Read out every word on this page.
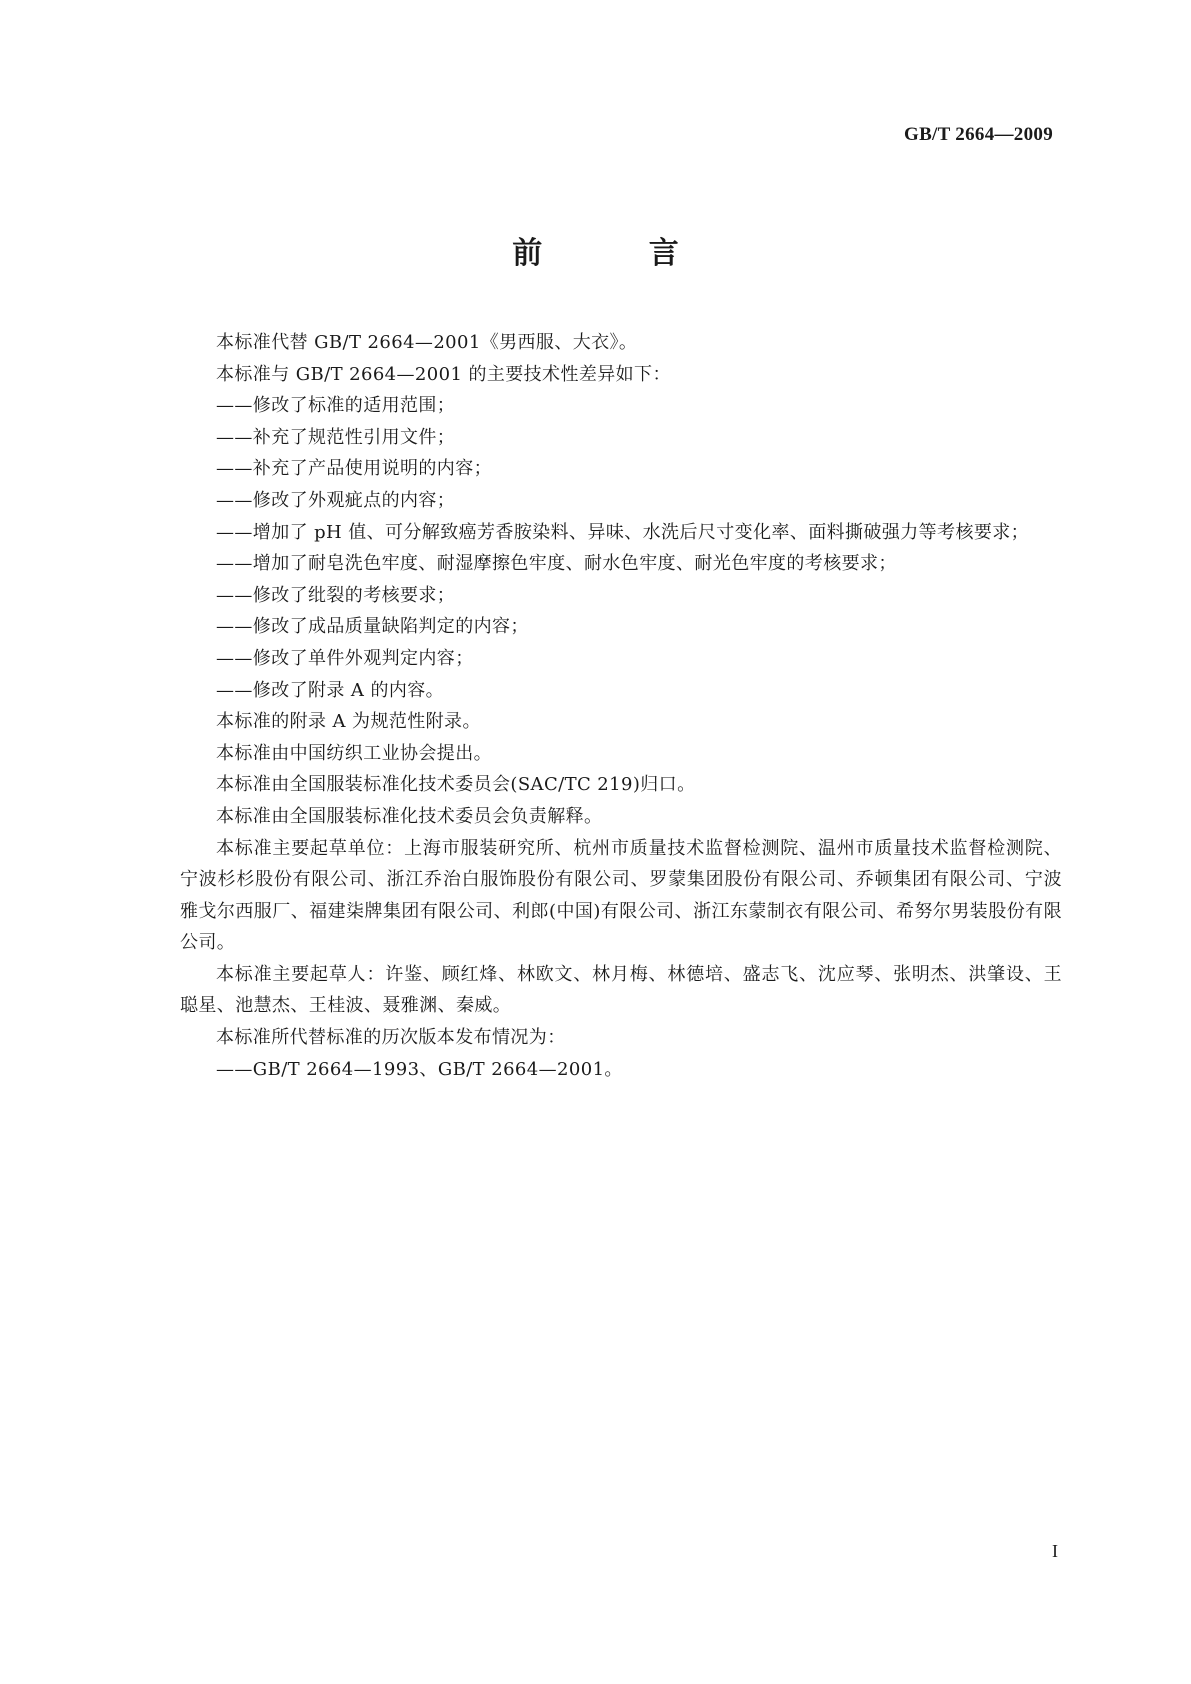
GB/T 2664—2009
前 言

本标准代替 GB/T 2664—2001《男西服、大衣》。

本标准与 GB/T 2664—2001 的主要技术性差异如下：

——修改了标准的适用范围；

——补充了规范性引用文件；

——补充了产品使用说明的内容；

——修改了外观疵点的内容；

——增加了 pH 值、可分解致癌芳香胺染料、异味、水洗后尺寸变化率、面料撕破强力等考核要求；

——增加了耐皂洗色牢度、耐湿摩擦色牢度、耐水色牢度、耐光色牢度的考核要求；

——修改了纰裂的考核要求；

——修改了成品质量缺陷判定的内容；

——修改了单件外观判定内容；

——修改了附录 A 的内容。

本标准的附录 A 为规范性附录。

本标准由中国纺织工业协会提出。

本标准由全国服装标准化技术委员会(SAC/TC 219)归口。

本标准由全国服装标准化技术委员会负责解释。

本标准主要起草单位：上海市服装研究所、杭州市质量技术监督检测院、温州市质量技术监督检测院、宁波杉杉股份有限公司、浙江乔治白服饰股份有限公司、罗蒙集团股份有限公司、乔顿集团有限公司、宁波雅戈尔西服厂、福建柒牌集团有限公司、利郎(中国)有限公司、浙江东蒙制衣有限公司、希努尔男装股份有限公司。

本标准主要起草人：许鉴、顾红烽、林欧文、林月梅、林德培、盛志飞、沈应琴、张明杰、洪肇设、王聪星、池慧杰、王桂波、聂雅渊、秦威。

本标准所代替标准的历次版本发布情况为：

——GB/T 2664—1993、GB/T 2664—2001。

I
